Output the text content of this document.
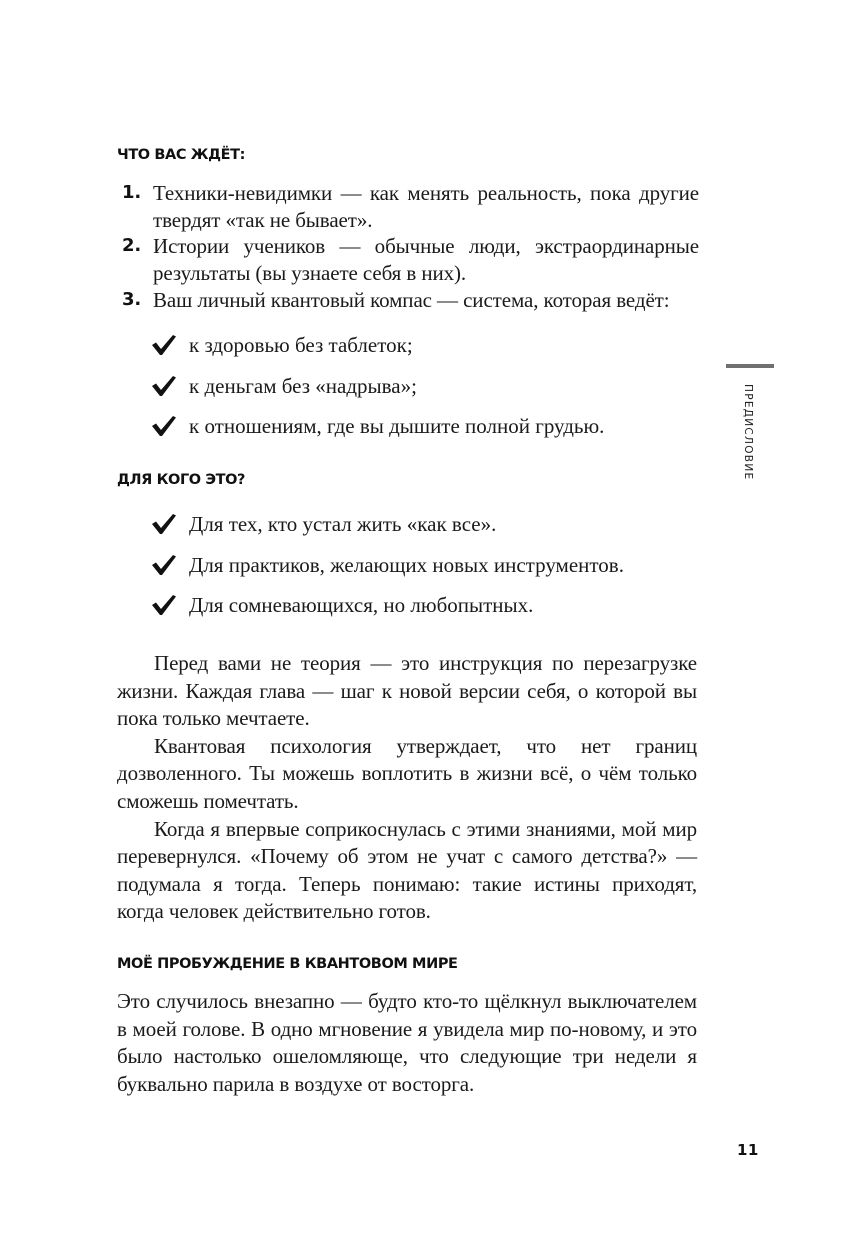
ЧТО ВАС ЖДЁТ:
1. Техники-невидимки — как менять реальность, пока другие твердят «так не бывает».
2. Истории учеников — обычные люди, экстраординарные результаты (вы узнаете себя в них).
3. Ваш личный квантовый компас — система, которая ведёт:
к здоровью без таблеток;
к деньгам без «надрыва»;
к отношениям, где вы дышите полной грудью.
ДЛЯ КОГО ЭТО?
Для тех, кто устал жить «как все».
Для практиков, желающих новых инструментов.
Для сомневающихся, но любопытных.

Перед вами не теория — это инструкция по перезагрузке жизни. Каждая глава — шаг к новой версии себя, о которой вы пока только мечтаете.

Квантовая психология утверждает, что нет границ дозволенного. Ты можешь воплотить в жизни всё, о чём только сможешь помечтать.

Когда я впервые соприкоснулась с этими знаниями, мой мир перевернулся. «Почему об этом не учат с самого детства?» — подумала я тогда. Теперь понимаю: такие истины приходят, когда человек действительно готов.

МОЁ ПРОБУЖДЕНИЕ В КВАНТОВОМ МИРЕ

Это случилось внезапно — будто кто-то щёлкнул выключателем в моей голове. В одно мгновение я увидела мир по-новому, и это было настолько ошеломляюще, что следующие три недели я буквально парила в воздухе от восторга.

ПРЕДИСЛОВИЕ
11
